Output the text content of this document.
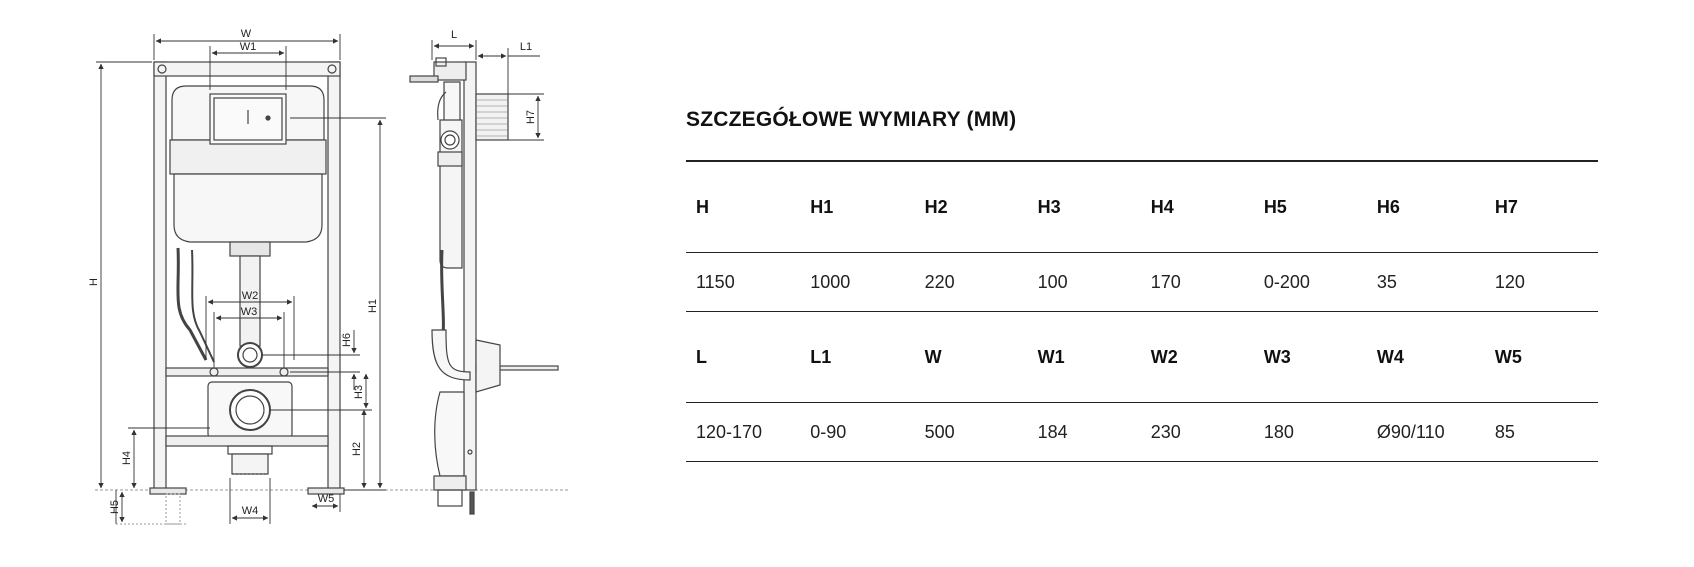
W
W1
W2
W3
W4
W5
L
L1
H
H1
H2
H3
H4
H5
H6
H7	SZCZEGÓŁOWE WYMIARY (MM)
H	H1	H2	H3	H4	H5	H6	H7
1150	1000	220	100	170	0-200	35	120
L	L1	W	W1	W2	W3	W4	W5
120-170	0-90	500	184	230	180	Ø90/110	85
